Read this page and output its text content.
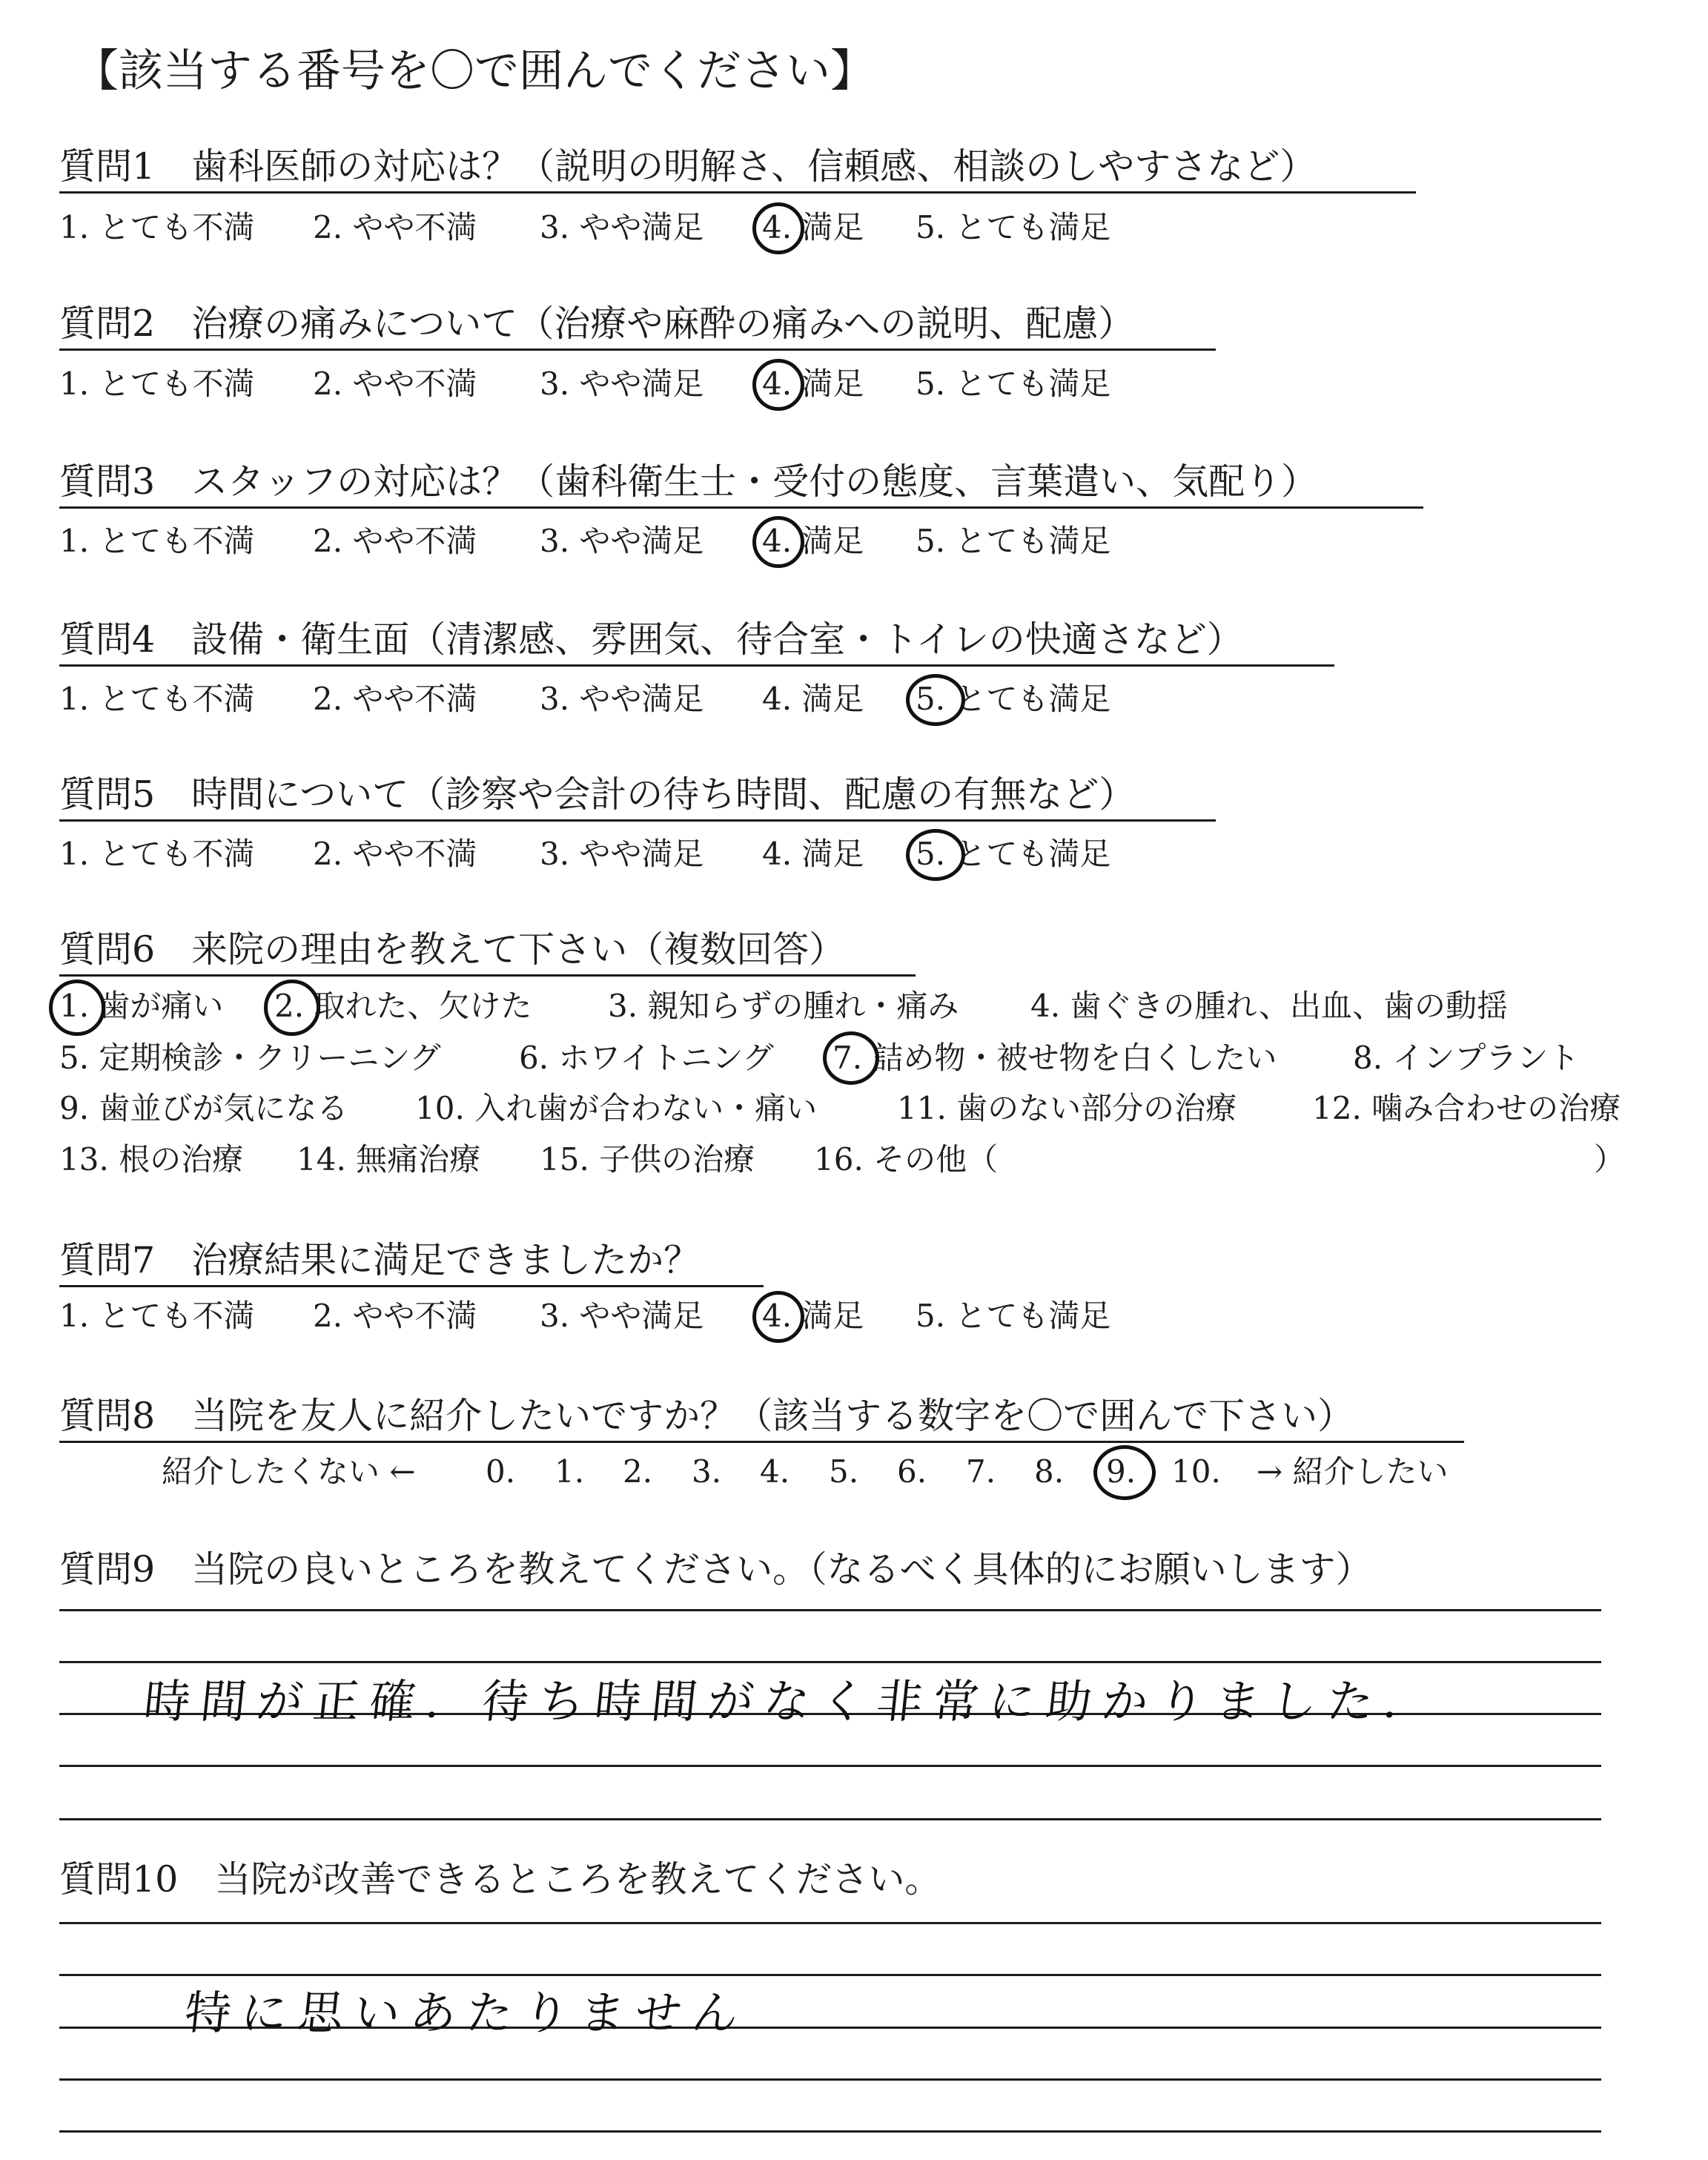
【該当する番号を〇で囲んでください】
質問1　歯科医師の対応は？（説明の明解さ、信頼感、相談のしやすさなど）
1. とても不満 2. やや不満 3. やや満足 4. 満足 5. とても満足
質問2　治療の痛みについて（治療や麻酔の痛みへの説明、配慮）
1. とても不満 2. やや不満 3. やや満足 4. 満足 5. とても満足
質問3　スタッフの対応は？（歯科衛生士・受付の態度、言葉遣い、気配り）
1. とても不満 2. やや不満 3. やや満足 4. 満足 5. とても満足
質問4　設備・衛生面（清潔感、雰囲気、待合室・トイレの快適さなど）
1. とても不満 2. やや不満 3. やや満足 4. 満足 5. とても満足
質問5　時間について（診察や会計の待ち時間、配慮の有無など）
1. とても不満 2. やや不満 3. やや満足 4. 満足 5. とても満足
質問6　来院の理由を教えて下さい（複数回答）
1. 歯が痛い 2. 取れた、欠けた 3. 親知らずの腫れ・痛み 4. 歯ぐきの腫れ、出血、歯の動揺
5. 定期検診・クリーニング	6. ホワイトニング 7. 詰め物・被せ物を白くしたい 8. インプラント
9. 歯並びが気になる 10. 入れ歯が合わない・痛い	11. 歯のない部分の治療 12. 噛み合わせの治療
13. 根の治療 14. 無痛治療 15. 子供の治療 16. その他（	）
質問7　治療結果に満足できましたか？
1. とても不満 2. やや不満 3. やや満足 4. 満足 5. とても満足
質問8　当院を友人に紹介したいですか？（該当する数字を〇で囲んで下さい）
紹介したくない ← 0. 1. 2. 3. 4. 5. 6. 7. 8. 9. 10. → 紹介したい
質問9　当院の良いところを教えてください。（なるべく具体的にお願いします）
時間が正確．待ち時間がなく非常に助かりました．
質問10　当院が改善できるところを教えてください。
特に思いあたりません
